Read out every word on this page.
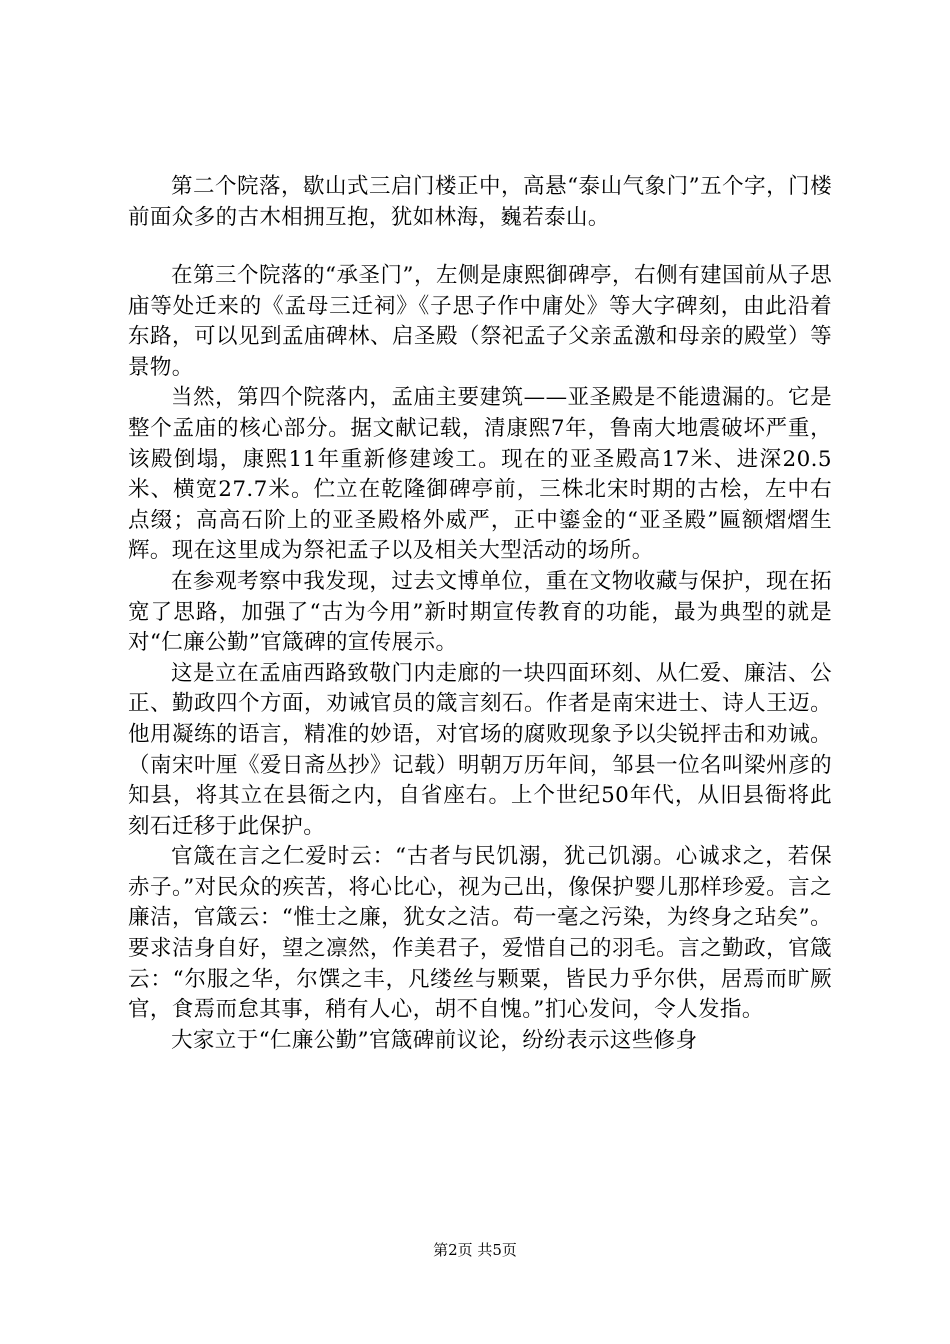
第二个院落，歇山式三启门楼正中，高悬“泰山气象门”五个字，门楼前面众多的古木相拥互抱，犹如林海，巍若泰山。

在第三个院落的“承圣门”，左侧是康熙御碑亭，右侧有建国前从子思庙等处迁来的《孟母三迁祠》《子思子作中庸处》等大字碑刻，由此沿着东路，可以见到孟庙碑林、启圣殿（祭祀孟子父亲孟激和母亲的殿堂）等景物。

当然，第四个院落内，孟庙主要建筑——亚圣殿是不能遗漏的。它是整个孟庙的核心部分。据文献记载，清康熙7年，鲁南大地震破坏严重，该殿倒塌，康熙11年重新修建竣工。现在的亚圣殿高17米、进深20.5米、横宽27.7米。伫立在乾隆御碑亭前，三株北宋时期的古桧，左中右点缀；高高石阶上的亚圣殿格外威严，正中鎏金的“亚圣殿”匾额熠熠生辉。现在这里成为祭祀孟子以及相关大型活动的场所。

在参观考察中我发现，过去文博单位，重在文物收藏与保护，现在拓宽了思路，加强了“古为今用”新时期宣传教育的功能，最为典型的就是对“仁廉公勤”官箴碑的宣传展示。

这是立在孟庙西路致敬门内走廊的一块四面环刻、从仁爱、廉洁、公正、勤政四个方面，劝诫官员的箴言刻石。作者是南宋进士、诗人王迈。他用凝练的语言，精准的妙语，对官场的腐败现象予以尖锐抨击和劝诫。（南宋叶厘《爱日斋丛抄》记载）明朝万历年间，邹县一位名叫梁州彦的知县，将其立在县衙之内，自省座右。上个世纪50年代，从旧县衙将此刻石迁移于此保护。

官箴在言之仁爱时云：“古者与民饥溺，犹己饥溺。心诚求之，若保赤子。”对民众的疾苦，将心比心，视为己出，像保护婴儿那样珍爱。言之廉洁，官箴云：“惟士之廉，犹女之洁。苟一毫之污染，为终身之玷矣”。要求洁身自好，望之凛然，作美君子，爱惜自己的羽毛。言之勤政，官箴云：“尔服之华，尔馔之丰，凡缕丝与颗粟，皆民力乎尔供，居焉而旷厥官，食焉而怠其事，稍有人心，胡不自愧。”扪心发问，令人发指。

大家立于“仁廉公勤”官箴碑前议论，纷纷表示这些修身

第2页 共5页
